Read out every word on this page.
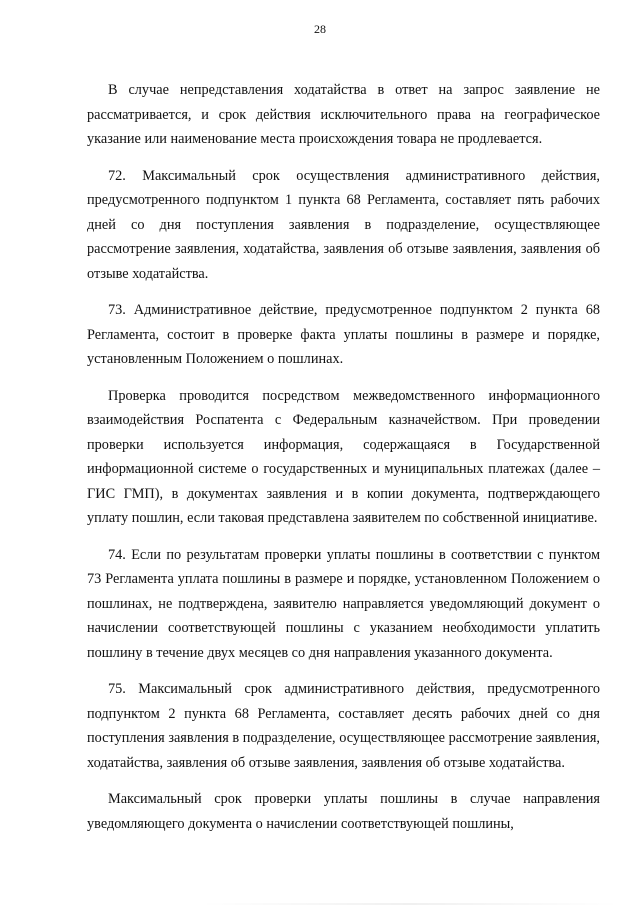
28

В случае непредставления ходатайства в ответ на запрос заявление не рассматривается, и срок действия исключительного права на географическое указание или наименование места происхождения товара не продлевается.

72. Максимальный срок осуществления административного действия, предусмотренного подпунктом 1 пункта 68 Регламента, составляет пять рабочих дней со дня поступления заявления в подразделение, осуществляющее рассмотрение заявления, ходатайства, заявления об отзыве заявления, заявления об отзыве ходатайства.

73. Административное действие, предусмотренное подпунктом 2 пункта 68 Регламента, состоит в проверке факта уплаты пошлины в размере и порядке, установленным Положением о пошлинах.

Проверка проводится посредством межведомственного информационного взаимодействия Роспатента с Федеральным казначейством. При проведении проверки используется информация, содержащаяся в Государственной информационной системе о государственных и муниципальных платежах (далее – ГИС ГМП), в документах заявления и в копии документа, подтверждающего уплату пошлин, если таковая представлена заявителем по собственной инициативе.

74. Если по результатам проверки уплаты пошлины в соответствии с пунктом 73 Регламента уплата пошлины в размере и порядке, установленном Положением о пошлинах, не подтверждена, заявителю направляется уведомляющий документ о начислении соответствующей пошлины с указанием необходимости уплатить пошлину в течение двух месяцев со дня направления указанного документа.

75. Максимальный срок административного действия, предусмотренного подпунктом 2 пункта 68 Регламента, составляет десять рабочих дней со дня поступления заявления в подразделение, осуществляющее рассмотрение заявления, ходатайства, заявления об отзыве заявления, заявления об отзыве ходатайства.

Максимальный срок проверки уплаты пошлины в случае направления уведомляющего документа о начислении соответствующей пошлины,
